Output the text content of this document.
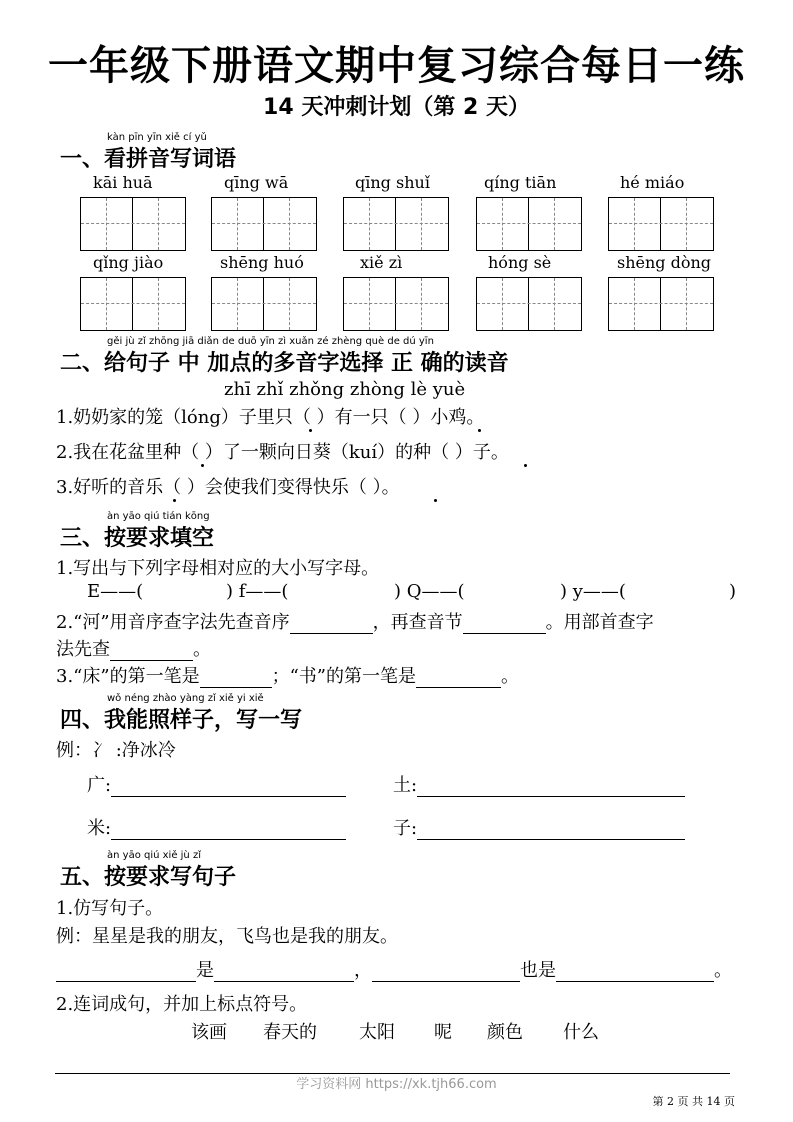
一年级下册语文期中复习综合每日一练
14 天冲刺计划（第 2 天）
kàn pīn yīn xiě cí yǔ
一、看拼音写词语
kāi huā	qīng wā	qīng shuǐ	qíng tiān	hé miáo
qǐng jiào	shēng huó	xiě zì	hóng sè	shēng dòng
gěi jù zǐ zhōng jiā diǎn de duō yīn zì xuǎn zé zhèng què de dú yīn
二、给句子 中 加点的多音字选择 正 确的读音
zhī zhǐ zhǒng zhòng lè yuè
1.奶奶家的笼（lóng）子里只（ ）有一只（ ）小鸡。
2.我在花盆里种（ ）了一颗向日葵（kuí）的种（ ）子。
3.好听的音乐（ ）会使我们变得快乐（ ）。
àn yāo qiú tián kōng
三、按要求填空
1.写出与下列字母相对应的大小写字母。
E——(	) f——(	) Q——(	) y——(	)
2.“河”用音序查字法先查音序	，再查音节	。用部首查字
法先查	。
3.“床”的第一笔是	；“书”的第一笔是	。
wǒ néng zhào yàng zǐ xiě yi xiě
四、我能照样子，写一写
例：冫 :净冰冷
广:	土:
米:	子:
àn yāo qiú xiě jù zǐ
五、按要求写句子
1.仿写句子。
例：星星是我的朋友，飞鸟也是我的朋友。
是	，	也是	。
2.连词成句，并加上标点符号。
该画 春天的 太阳 呢 颜色 什么
学习资料网 https://xk.tjh66.com
第 2 页 共 14 页
